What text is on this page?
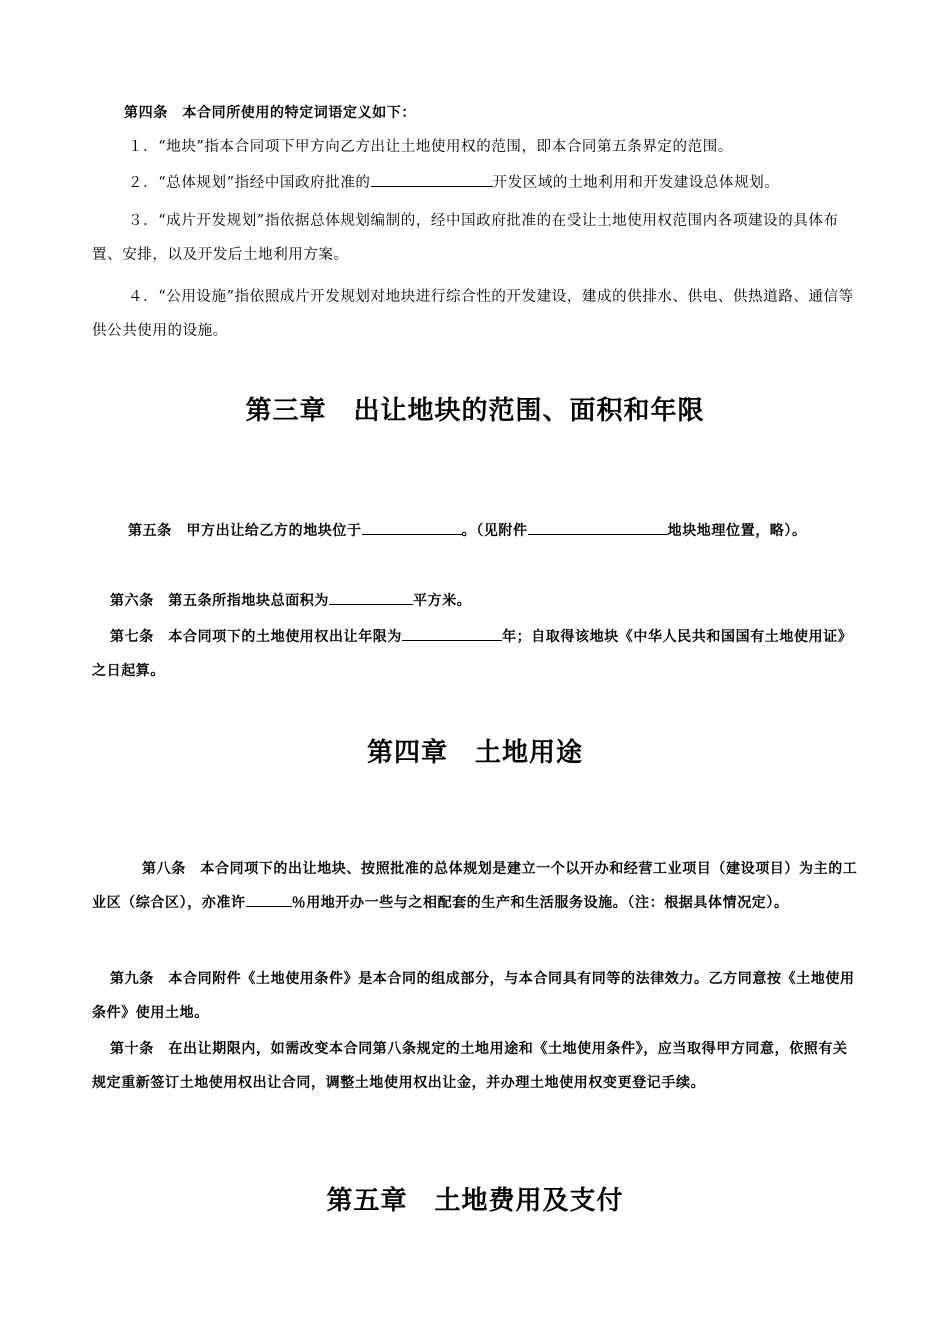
第四条　本合同所使用的特定词语定义如下：
１．“地块”指本合同项下甲方向乙方出让土地使用权的范围，即本合同第五条界定的范围。
２．“总体规划”指经中国政府批准的	开发区域的土地利用和开发建设总体规划。
３．“成片开发规划”指依据总体规划编制的，经中国政府批准的在受让土地使用权范围内各项建设的具体布置、安排，以及开发后土地利用方案。
４．“公用设施”指依照成片开发规划对地块进行综合性的开发建设，建成的供排水、供电、供热道路、通信等供公共使用的设施。
第三章　出让地块的范围、面积和年限
第五条　甲方出让给乙方的地块位于	。（见附件	地块地理位置，略）。
第六条　第五条所指地块总面积为	平方米。
第七条　本合同项下的土地使用权出让年限为	年；自取得该地块《中华人民共和国国有土地使用证》之日起算。
第四章　土地用途
第八条　本合同项下的出让地块、按照批准的总体规划是建立一个以开办和经营工业项目（建设项目）为主的工业区（综合区），亦准许	％用地开办一些与之相配套的生产和生活服务设施。（注：根据具体情况定）。
第九条　本合同附件《土地使用条件》是本合同的组成部分，与本合同具有同等的法律效力。乙方同意按《土地使用条件》使用土地。
第十条　在出让期限内，如需改变本合同第八条规定的土地用途和《土地使用条件》，应当取得甲方同意，依照有关规定重新签订土地使用权出让合同，调整土地使用权出让金，并办理土地使用权变更登记手续。
第五章　土地费用及支付
